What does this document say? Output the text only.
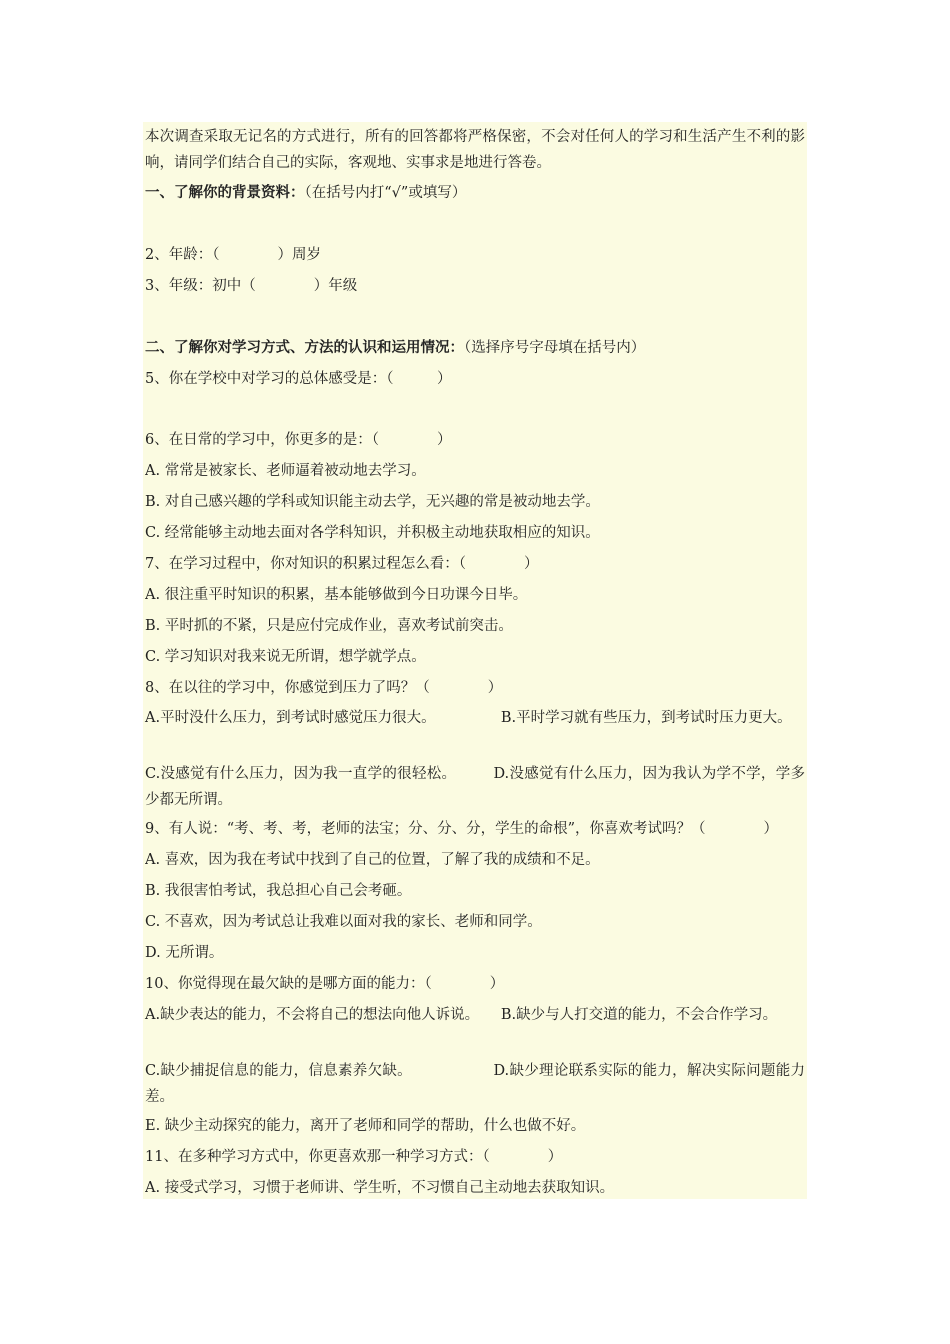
本次调查采取无记名的方式进行，所有的回答都将严格保密，不会对任何人的学习和生活产生不利的影响，请同学们结合自己的实际，客观地、实事求是地进行答卷。
一、了解你的背景资料：（在括号内打“√”或填写）
2、年龄：（　　　　）周岁
3、年级：初中（　　　　）年级
二、了解你对学习方式、方法的认识和运用情况：（选择序号字母填在括号内）
5、你在学校中对学习的总体感受是：（　　　）
6、在日常的学习中，你更多的是：（　　　　）
A. 常常是被家长、老师逼着被动地去学习。
B. 对自己感兴趣的学科或知识能主动去学，无兴趣的常是被动地去学。
C. 经常能够主动地去面对各学科知识，并积极主动地获取相应的知识。
7、在学习过程中，你对知识的积累过程怎么看：（　　　　）
A. 很注重平时知识的积累，基本能够做到今日功课今日毕。
B. 平时抓的不紧，只是应付完成作业，喜欢考试前突击。
C. 学习知识对我来说无所谓，想学就学点。
8、在以往的学习中，你感觉到压力了吗？（　　　　）
A.平时没什么压力，到考试时感觉压力很大。　　　　　B.平时学习就有些压力，到考试时压力更大。
C.没感觉有什么压力，因为我一直学的很轻松。　　　D.没感觉有什么压力，因为我认为学不学，学多少都无所谓。
9、有人说：“考、考、考，老师的法宝；分、分、分，学生的命根”，你喜欢考试吗？（　　　　）
A. 喜欢，因为我在考试中找到了自己的位置，了解了我的成绩和不足。
B. 我很害怕考试，我总担心自己会考砸。
C. 不喜欢，因为考试总让我难以面对我的家长、老师和同学。
D. 无所谓。
10、你觉得现在最欠缺的是哪方面的能力：（　　　　）
A.缺少表达的能力，不会将自己的想法向他人诉说。　　B.缺少与人打交道的能力，不会合作学习。
C.缺少捕捉信息的能力，信息素养欠缺。　　　　　　D.缺少理论联系实际的能力，解决实际问题能力差。
E. 缺少主动探究的能力，离开了老师和同学的帮助，什么也做不好。
11、在多种学习方式中，你更喜欢那一种学习方式：（　　　　）
A. 接受式学习，习惯于老师讲、学生听，不习惯自己主动地去获取知识。
